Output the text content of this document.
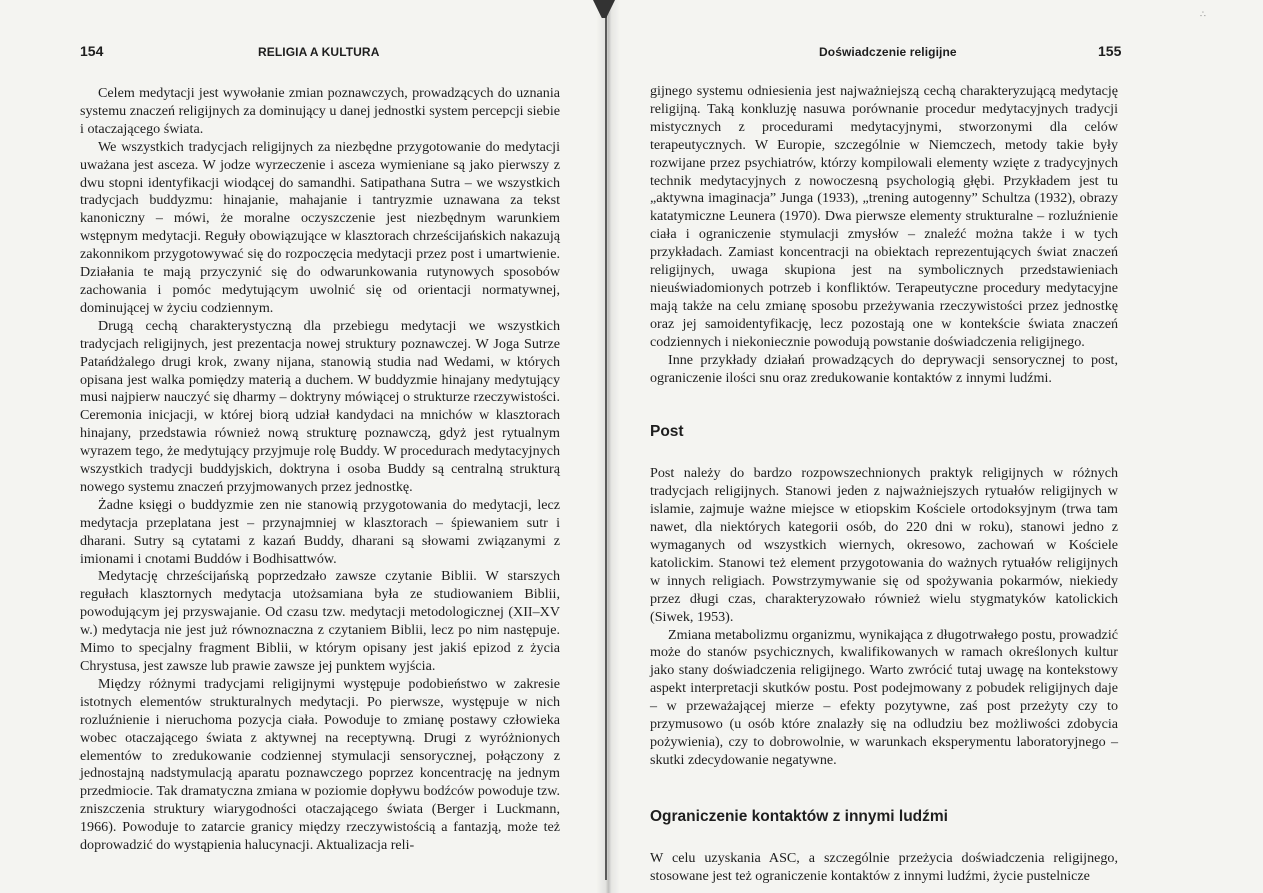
∴
154	RELIGIA A KULTURA

Celem medytacji jest wywołanie zmian poznawczych, prowadzących do uznania systemu znaczeń religijnych za dominujący u danej jednostki system percepcji siebie i otaczającego świata.

We wszystkich tradycjach religijnych za niezbędne przygotowanie do medytacji uważana jest asceza. W jodze wyrzeczenie i asceza wymieniane są jako pierwszy z dwu stopni identyfikacji wiodącej do samandhi. Satipathana Sutra – we wszystkich tradycjach buddyzmu: hinajanie, mahajanie i tantryzmie uznawana za tekst kanoniczny – mówi, że moralne oczyszczenie jest niezbędnym warunkiem wstępnym medytacji. Reguły obowiązujące w klasztorach chrześcijańskich nakazują zakonnikom przygotowywać się do rozpoczęcia medytacji przez post i umartwienie. Działania te mają przyczynić się do odwarunkowania rutynowych sposobów zachowania i pomóc medytującym uwolnić się od orientacji normatywnej, dominującej w życiu codziennym.

Drugą cechą charakterystyczną dla przebiegu medytacji we wszystkich tradycjach religijnych, jest prezentacja nowej struktury poznawczej. W Joga Sutrze Patańdżalego drugi krok, zwany nijana, stanowią studia nad Wedami, w których opisana jest walka pomiędzy materią a duchem. W buddyzmie hinajany medytujący musi najpierw nauczyć się dharmy – doktryny mówiącej o strukturze rzeczywistości. Ceremonia inicjacji, w której biorą udział kandydaci na mnichów w klasztorach hinajany, przedstawia również nową strukturę poznawczą, gdyż jest rytualnym wyrazem tego, że medytujący przyjmuje rolę Buddy. W procedurach medytacyjnych wszystkich tradycji buddyjskich, doktryna i osoba Buddy są centralną strukturą nowego systemu znaczeń przyjmowanych przez jednostkę.

Żadne księgi o buddyzmie zen nie stanowią przygotowania do medytacji, lecz medytacja przeplatana jest – przynajmniej w klasztorach – śpiewaniem sutr i dharani. Sutry są cytatami z kazań Buddy, dharani są słowami związanymi z imionami i cnotami Buddów i Bodhisattwów.

Medytację chrześcijańską poprzedzało zawsze czytanie Biblii. W starszych regułach klasztornych medytacja utożsamiana była ze studiowaniem Biblii, powodującym jej przyswajanie. Od czasu tzw. medytacji metodologicznej (XII–XV w.) medytacja nie jest już równoznaczna z czytaniem Biblii, lecz po nim następuje. Mimo to specjalny fragment Biblii, w którym opisany jest jakiś epizod z życia Chrystusa, jest zawsze lub prawie zawsze jej punktem wyjścia.

Między różnymi tradycjami religijnymi występuje podobieństwo w zakresie istotnych elementów strukturalnych medytacji. Po pierwsze, występuje w nich rozluźnienie i nieruchoma pozycja ciała. Powoduje to zmianę postawy człowieka wobec otaczającego świata z aktywnej na receptywną. Drugi z wyróżnionych elementów to zredukowanie codziennej stymulacji sensorycznej, połączony z jednostajną nadstymulacją aparatu poznawczego poprzez koncentrację na jednym przedmiocie. Tak dramatyczna zmiana w poziomie dopływu bodźców powoduje tzw. zniszczenia struktury wiarygodności otaczającego świata (Berger i Luckmann, 1966). Powoduje to zatarcie granicy między rzeczywistością a fantazją, może też doprowadzić do wystąpienia halucynacji. Aktualizacja reli-

Doświadczenie religijne	155

gijnego systemu odniesienia jest najważniejszą cechą charakteryzującą medytację religijną. Taką konkluzję nasuwa porównanie procedur medytacyjnych tradycji mistycznych z procedurami medytacyjnymi, stworzonymi dla celów terapeutycznych. W Europie, szczególnie w Niemczech, metody takie były rozwijane przez psychiatrów, którzy kompilowali elementy wzięte z tradycyjnych technik medytacyjnych z nowoczesną psychologią głębi. Przykładem jest tu „aktywna imaginacja” Junga (1933), „trening autogenny” Schultza (1932), obrazy katatymiczne Leunera (1970). Dwa pierwsze elementy strukturalne – rozluźnienie ciała i ograniczenie stymulacji zmysłów – znaleźć można także i w tych przykładach. Zamiast koncentracji na obiektach reprezentujących świat znaczeń religijnych, uwaga skupiona jest na symbolicznych przedstawieniach nieuświadomionych potrzeb i konfliktów. Terapeutyczne procedury medytacyjne mają także na celu zmianę sposobu przeżywania rzeczywistości przez jednostkę oraz jej samoidentyfikację, lecz pozostają one w kontekście świata znaczeń codziennych i niekoniecznie powodują powstanie doświadczenia religijnego.

Inne przykłady działań prowadzących do deprywacji sensorycznej to post, ograniczenie ilości snu oraz zredukowanie kontaktów z innymi ludźmi.

Post

Post należy do bardzo rozpowszechnionych praktyk religijnych w różnych tradycjach religijnych. Stanowi jeden z najważniejszych rytuałów religijnych w islamie, zajmuje ważne miejsce w etiopskim Kościele ortodoksyjnym (trwa tam nawet, dla niektórych kategorii osób, do 220 dni w roku), stanowi jedno z wymaganych od wszystkich wiernych, okresowo, zachowań w Kościele katolickim. Stanowi też element przygotowania do ważnych rytuałów religijnych w innych religiach. Powstrzymywanie się od spożywania pokarmów, niekiedy przez długi czas, charakteryzowało również wielu stygmatyków katolickich (Siwek, 1953).

Zmiana metabolizmu organizmu, wynikająca z długotrwałego postu, prowadzić może do stanów psychicznych, kwalifikowanych w ramach określonych kultur jako stany doświadczenia religijnego. Warto zwrócić tutaj uwagę na kontekstowy aspekt interpretacji skutków postu. Post podejmowany z pobudek religijnych daje – w przeważającej mierze – efekty pozytywne, zaś post przeżyty czy to przymusowo (u osób które znalazły się na odludziu bez możliwości zdobycia pożywienia), czy to dobrowolnie, w warunkach eksperymentu laboratoryjnego – skutki zdecydowanie negatywne.

Ograniczenie kontaktów z innymi ludźmi

W celu uzyskania ASC, a szczególnie przeżycia doświadczenia religijnego, stosowane jest też ograniczenie kontaktów z innymi ludźmi, życie pustelnicze
